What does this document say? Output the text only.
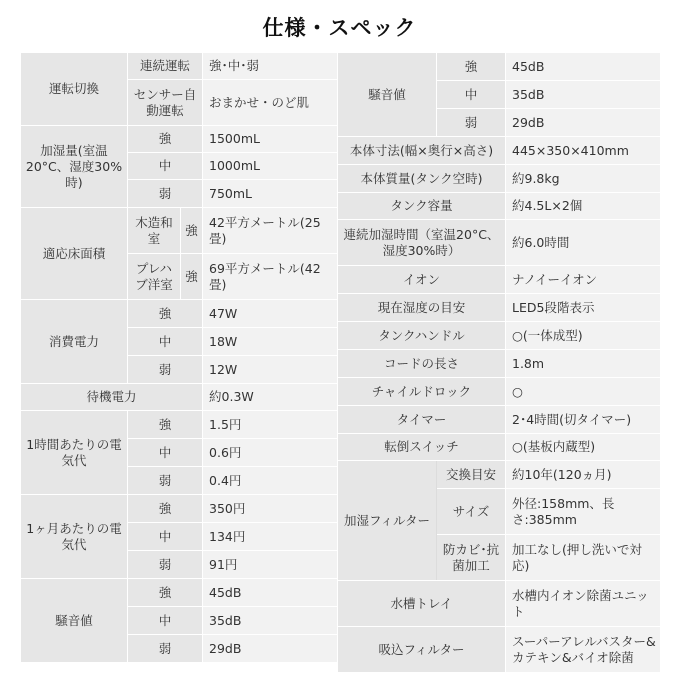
仕様・スペック
運転切換	連続運転		強･中･弱
	センサー自動運転		おまかせ・のど肌
加湿量(室温20°C、湿度30%時)	強		1500mL
	中		1000mL
	弱		750mL
適応床面積	木造和室	強	42平方メートル(25畳)
	プレハブ洋室	強	69平方メートル(42畳)
消費電力	強		47W
	中		18W
	弱		12W
待機電力			約0.3W
1時間あたりの電気代	強		1.5円
	中		0.6円
	弱		0.4円
1ヶ月あたりの電気代	強		350円
	中		134円
	弱		91円
騒音値	強		45dB
	中		35dB
	弱		29dB
騒音値	強	45dB
	中	35dB
	弱	29dB
本体寸法(幅×奥行×高さ)		445×350×410mm
本体質量(タンク空時)		約9.8kg
タンク容量		約4.5L×2個
連続加湿時間（室温20°C、湿度30%時）		約6.0時間
イオン		ナノイーイオン
現在湿度の目安		LED5段階表示
タンクハンドル		○(一体成型)
コードの長さ		1.8m
チャイルドロック		○
タイマー		2･4時間(切タイマー)
転倒スイッチ		○(基板内蔵型)
加湿フィルター	交換目安	約10年(120ヵ月)
	サイズ	外径:158mm、長さ:385mm
	防カビ･抗菌加工	加工なし(押し洗いで対応)
水槽トレイ		水槽内イオン除菌ユニット
吸込フィルター		スーパーアレルバスター&カテキン&バイオ除菌
